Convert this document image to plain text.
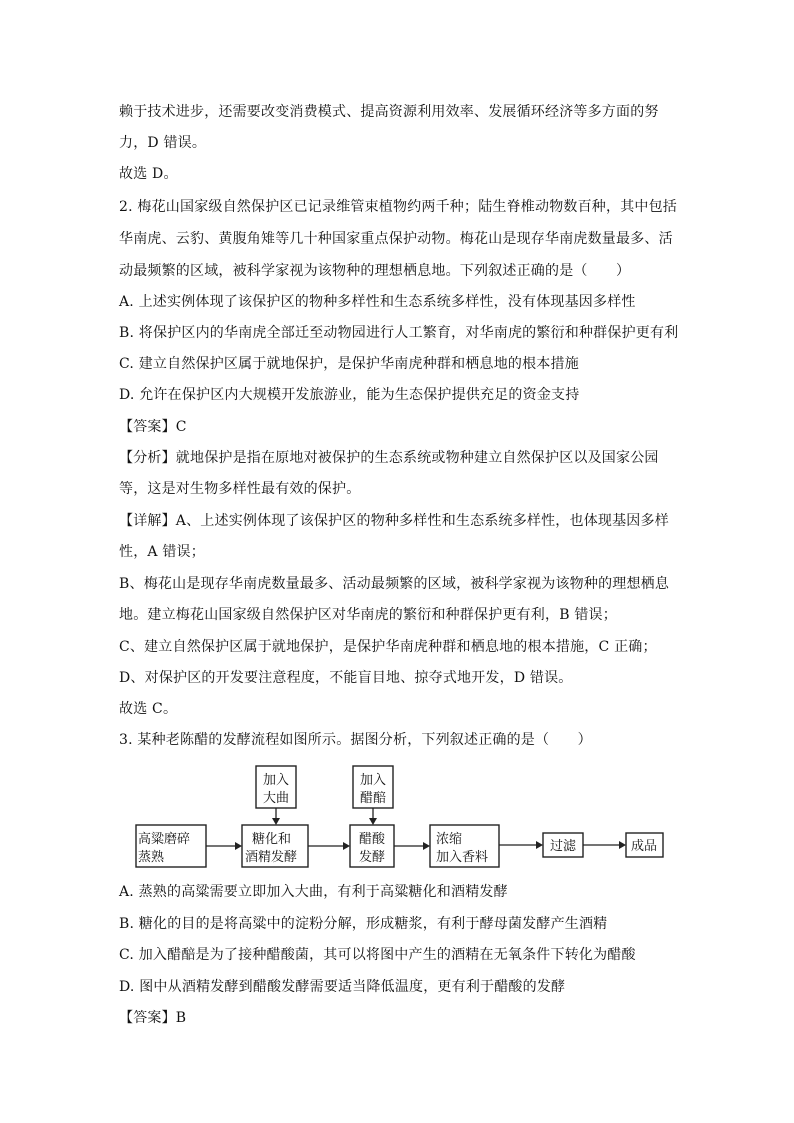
赖于技术进步，还需要改变消费模式、提高资源利用效率、发展循环经济等多方面的努
力，D 错误。
故选 D。
2. 梅花山国家级自然保护区已记录维管束植物约两千种；陆生脊椎动物数百种，其中包括
华南虎、云豹、黄腹角雉等几十种国家重点保护动物。梅花山是现存华南虎数量最多、活
动最频繁的区域，被科学家视为该物种的理想栖息地。下列叙述正确的是（　　）
A. 上述实例体现了该保护区的物种多样性和生态系统多样性，没有体现基因多样性
B. 将保护区内的华南虎全部迁至动物园进行人工繁育，对华南虎的繁衍和种群保护更有利
C. 建立自然保护区属于就地保护，是保护华南虎种群和栖息地的根本措施
D. 允许在保护区内大规模开发旅游业，能为生态保护提供充足的资金支持
【答案】C
【分析】就地保护是指在原地对被保护的生态系统或物种建立自然保护区以及国家公园
等，这是对生物多样性最有效的保护。
【详解】A、上述实例体现了该保护区的物种多样性和生态系统多样性，也体现基因多样
性，A 错误；
B、梅花山是现存华南虎数量最多、活动最频繁的区域，被科学家视为该物种的理想栖息
地。建立梅花山国家级自然保护区对华南虎的繁衍和种群保护更有利，B 错误；
C、建立自然保护区属于就地保护，是保护华南虎种群和栖息地的根本措施，C 正确；
D、对保护区的开发要注意程度，不能盲目地、掠夺式地开发，D 错误。
故选 C。
3. 某种老陈醋的发酵流程如图所示。据图分析，下列叙述正确的是（　　）
加入
大曲
加入
醋醅
高粱磨碎
蒸熟
糖化和
酒精发酵
醋酸
发酵
浓缩
加入香料
过滤	成品
A. 蒸熟的高粱需要立即加入大曲，有利于高粱糖化和酒精发酵
B. 糖化的目的是将高粱中的淀粉分解，形成糖浆，有利于酵母菌发酵产生酒精
C. 加入醋醅是为了接种醋酸菌，其可以将图中产生的酒精在无氧条件下转化为醋酸
D. 图中从酒精发酵到醋酸发酵需要适当降低温度，更有利于醋酸的发酵
【答案】B
